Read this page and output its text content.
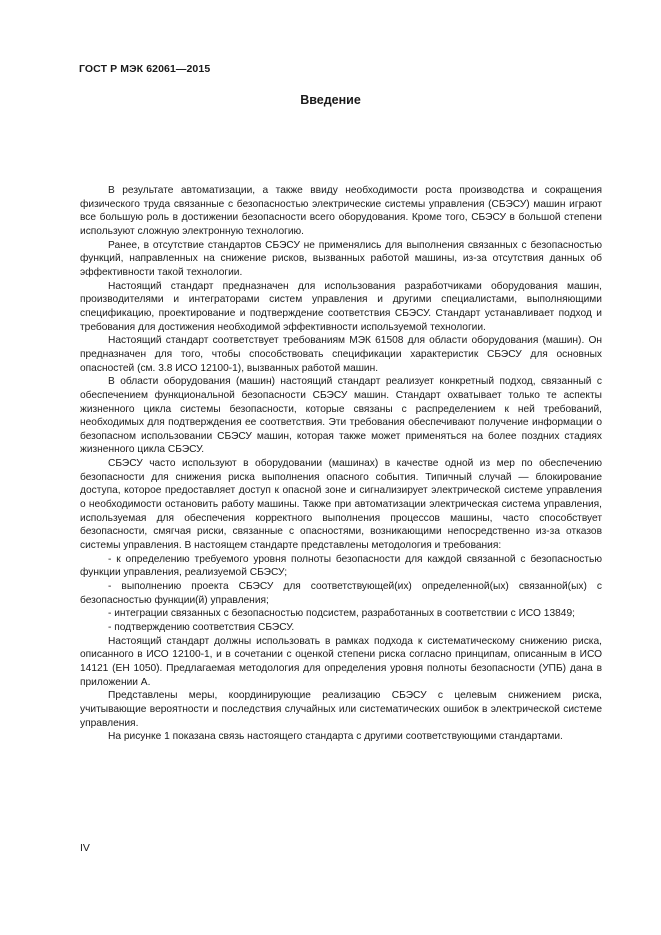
ГОСТ Р МЭК 62061—2015
Введение

В результате автоматизации, а также ввиду необходимости роста производства и сокращения физического труда связанные с безопасностью электрические системы управления (СБЭСУ) машин играют все большую роль в достижении безопасности всего оборудования. Кроме того, СБЭСУ в большой степени используют сложную электронную технологию.

Ранее, в отсутствие стандартов СБЭСУ не применялись для выполнения связанных с безопасностью функций, направленных на снижение рисков, вызванных работой машины, из-за отсутствия данных об эффективности такой технологии.

Настоящий стандарт предназначен для использования разработчиками оборудования машин, производителями и интеграторами систем управления и другими специалистами, выполняющими спецификацию, проектирование и подтверждение соответствия СБЭСУ. Стандарт устанавливает подход и требования для достижения необходимой эффективности используемой технологии.

Настоящий стандарт соответствует требованиям МЭК 61508 для области оборудования (машин). Он предназначен для того, чтобы способствовать спецификации характеристик СБЭСУ для основных опасностей (см. 3.8 ИСО 12100-1), вызванных работой машин.

В области оборудования (машин) настоящий стандарт реализует конкретный подход, связанный с обеспечением функциональной безопасности СБЭСУ машин. Стандарт охватывает только те аспекты жизненного цикла системы безопасности, которые связаны с распределением к ней требований, необходимых для подтверждения ее соответствия. Эти требования обеспечивают получение информации о безопасном использовании СБЭСУ машин, которая также может применяться на более поздних стадиях жизненного цикла СБЭСУ.

СБЭСУ часто используют в оборудовании (машинах) в качестве одной из мер по обеспечению безопасности для снижения риска выполнения опасного события. Типичный случай — блокирование доступа, которое предоставляет доступ к опасной зоне и сигнализирует электрической системе управления о необходимости остановить работу машины. Также при автоматизации электрическая система управления, используемая для обеспечения корректного выполнения процессов машины, часто способствует безопасности, смягчая риски, связанные с опасностями, возникающими непосредственно из-за отказов системы управления. В настоящем стандарте представлены методология и требования:

- к определению требуемого уровня полноты безопасности для каждой связанной с безопасностью функции управления, реализуемой СБЭСУ;

- выполнению проекта СБЭСУ для соответствующей(их) определенной(ых) связанной(ых) с безопасностью функции(й) управления;

- интеграции связанных с безопасностью подсистем, разработанных в соответствии с ИСО 13849;

- подтверждению соответствия СБЭСУ.

Настоящий стандарт должны использовать в рамках подхода к систематическому снижению риска, описанного в ИСО 12100-1, и в сочетании с оценкой степени риска согласно принципам, описанным в ИСО 14121 (ЕН 1050). Предлагаемая методология для определения уровня полноты безопасности (УПБ) дана в приложении А.

Представлены меры, координирующие реализацию СБЭСУ с целевым снижением риска, учитывающие вероятности и последствия случайных или систематических ошибок в электрической системе управления.

На рисунке 1 показана связь настоящего стандарта с другими соответствующими стандартами.

IV
